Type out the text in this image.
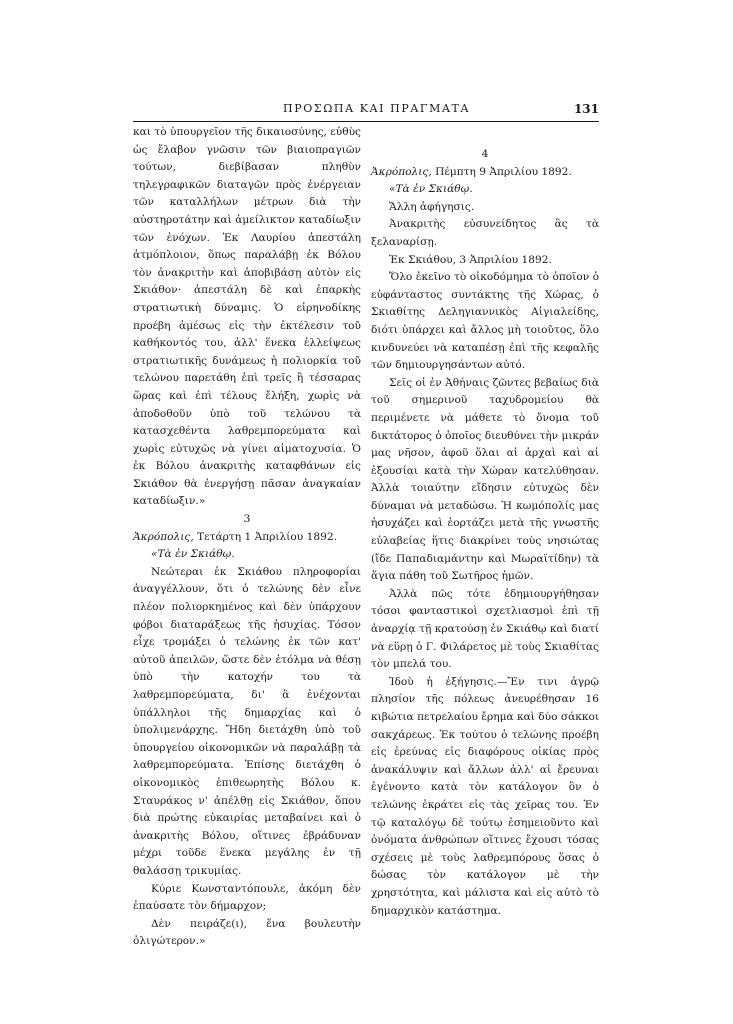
ΠΡΟΣΩΠΑ ΚΑΙ ΠΡΑΓΜΑΤΑ	131

και τὸ ὑπουργεῖον τῆς δικαιοσύνης, εὐθὺς ὡς ἔλαβον γνῶσιν τῶν βιαιοπραγιῶν τούτων, διεβίβασαν πληθὺν τηλεγραφικῶν διαταγῶν πρὸς ἐνέργειαν τῶν καταλλήλων μέτρων διὰ τὴν αὐστηροτάτην καὶ ἀμείλικτον καταδίωξιν τῶν ἐνόχων. Ἐκ Λαυρίου ἀπεστάλη ἀτμόπλοιον, ὅπως παραλάβῃ ἐκ Βόλου τὸν ἀνακριτὴν καὶ ἀποβιβάσῃ αὐτὸν εἰς Σκιάθον· ἀπεστάλη δὲ καὶ ἐπαρκὴς στρατιωτικὴ δύναμις. Ὁ εἰρηνοδίκης προέβη ἀμέσως εἰς τὴν ἐκτέλεσιν τοῦ καθήκοντός του, ἀλλ' ἕνεκα ἐλλείψεως στρατιωτικῆς δυνάμεως ἡ πολιορκία τοῦ τελώνου παρετάθη ἐπὶ τρεῖς ἢ τέσσαρας ὥρας καὶ ἐπὶ τέλους ἔλήξη, χωρὶς νὰ ἀποδοθοῦν ὑπὸ τοῦ τελώνου τὰ κατασχεθέντα λαθρεμπορεύματα καὶ χωρὶς εὐτυχῶς νὰ γίνει αἱματοχυσία. Ὁ ἐκ Βόλου ἀνακριτὴς καταφθάνων εἰς Σκιάθον θὰ ἐνεργήσῃ πᾶσαν ἀναγκαίαν καταδίωξιν.»

3

Ἀκρόπολις, Τετάρτη 1 Ἀπριλίου 1892.

«Τὰ ἐν Σκιάθῳ.

Νεώτεραι ἐκ Σκιάθου πληροφορίαι ἀναγγέλλουν, ὅτι ὁ τελώνης δὲν εἶνε πλέον πολιορκημένος καὶ δὲν ὑπάρχουν φόβοι διαταράξεως τῆς ἡσυχίας. Τόσον εἶχε τρομάξει ὁ τελώνης ἐκ τῶν κατ' αὐτοῦ ἀπειλῶν, ὥστε δὲν ἐτόλμα νὰ θέσῃ ὑπὸ τὴν κατοχήν του τὰ λαθρεμπορεύματα, δι' ἃ ἐνέχονται ὑπάλληλοι τῆς δημαρχίας καὶ ὁ ὑπολιμενάρχης. Ἤδη διετάχθη ὑπὸ τοῦ ὑπουργείου οἰκονομικῶν νὰ παραλάβῃ τὰ λαθρεμπορεύματα. Ἐπίσης διετάχθη ὁ οἰκονομικὸς ἐπιθεωρητὴς Βόλου κ. Σταυράκος ν' ἀπέλθῃ εἰς Σκιάθον, ὅπου διὰ πρώτης εὐκαιρίας μεταβαίνει καὶ ὁ ἀνακριτὴς Βόλου, οἵτινες ἐβράδυναν μέχρι τοῦδε ἕνεκα μεγάλης ἐν τῇ θαλάσσῃ τρικυμίας.

Κύριε Κωνσταντόπουλε, ἀκόμη δὲν ἐπαύσατε τὸν δήμαρχον;

Δὲν πειράζε(ι), ἕνα βουλευτὴν ὀλιγώτερον.»

4

Ἀκρόπολις, Πέμπτη 9 Ἀπριλίου 1892.

«Τὰ ἐν Σκιάθῳ.

Ἄλλη ἀφήγησις.

Ἀνακριτὴς εὐσυνείδητος ἂς τὰ ξελαναρίσῃ.

Ἐκ Σκιάθου, 3 Ἀπριλίου 1892.

Ὅλο ἐκεῖνο τὸ οἰκοδόμημα τὸ ὁποῖον ὁ εὐφάνταστος συντάκτης τῆς Χώρας, ὁ Σκιαθίτης Δεληγιαννικὸς Αἰγιαλείδης, διότι ὑπάρχει καὶ ἄλλος μὴ τοιοῦτος, ὅλο κινδυνεύει νὰ καταπέσῃ ἐπὶ τῆς κεφαλῆς τῶν δημιουργησάντων αὐτό.

Σεῖς οἱ ἐν Ἀθήναις ζῶντες βεβαίως διὰ τοῦ σημερινοῦ ταχυδρομείου θὰ περιμένετε νὰ μάθετε τὸ ὄνομα τοῦ δικτάτορος ὁ ὁποῖος διευθύνει τὴν μικράν μας νῆσον, ἀφοῦ ὅλαι αἱ ἀρχαὶ καὶ αἱ ἐξουσίαι κατὰ τὴν Χώραν κατελύθησαν. Ἀλλὰ τοιαύτην εἴδησιν εὐτυχῶς δὲν δύναμαι νὰ μεταδώσω. Ἡ κωμόπολίς μας ἡσυχάζει καὶ ἑορτάζει μετὰ τῆς γνωστῆς εὐλαβείας ἥτις διακρίνει τοὺς νησιώτας (ἴδε Παπαδιαμάντην καὶ Μωραϊτίδην) τὰ ἅγια πάθη τοῦ Σωτῆρος ἡμῶν.

Ἀλλὰ πῶς τότε ἐδημιουργήθησαν τόσοι φανταστικοὶ σχετλιασμοὶ ἐπὶ τῇ ἀναρχίᾳ τῇ κρατούσῃ ἐν Σκιάθῳ καὶ διατί νὰ εὕρῃ ὁ Γ. Φιλάρετος μὲ τοὺς Σκιαθίτας τὸν μπελά του.

Ἰδοὺ ἡ ἐξήγησις.—Ἔν τινι ἀγρῷ πλησίον τῆς πόλεως ἀνευρέθησαν 16 κιβώτια πετρελαίου ἔρημα καὶ δύο σάκκοι σακχάρεως. Ἐκ τούτου ὁ τελώνης προέβη εἰς ἐρεύνας εἰς διαφόρους οἰκίας πρὸς ἀνακάλυψιν καὶ ἄλλων ἀλλ' αἱ ἔρευναι ἐγένοντο κατὰ τὸν κατάλογον ὃν ὁ τελώνης ἐκράτει εἰς τὰς χεῖρας του. Ἐν τῷ καταλόγῳ δὲ τούτῳ ἐσημειοῦντο καὶ ὀνόματα ἀνθρώπων οἵτινες ἔχουσι τόσας σχέσεις μὲ τοὺς λαθρεμπόρους ὅσας ὁ δώσας τὸν κατάλογον μὲ τὴν χρηστότητα, καὶ μάλιστα καὶ εἰς αὐτὸ τὸ δημαρχικὸν κατάστημα.
